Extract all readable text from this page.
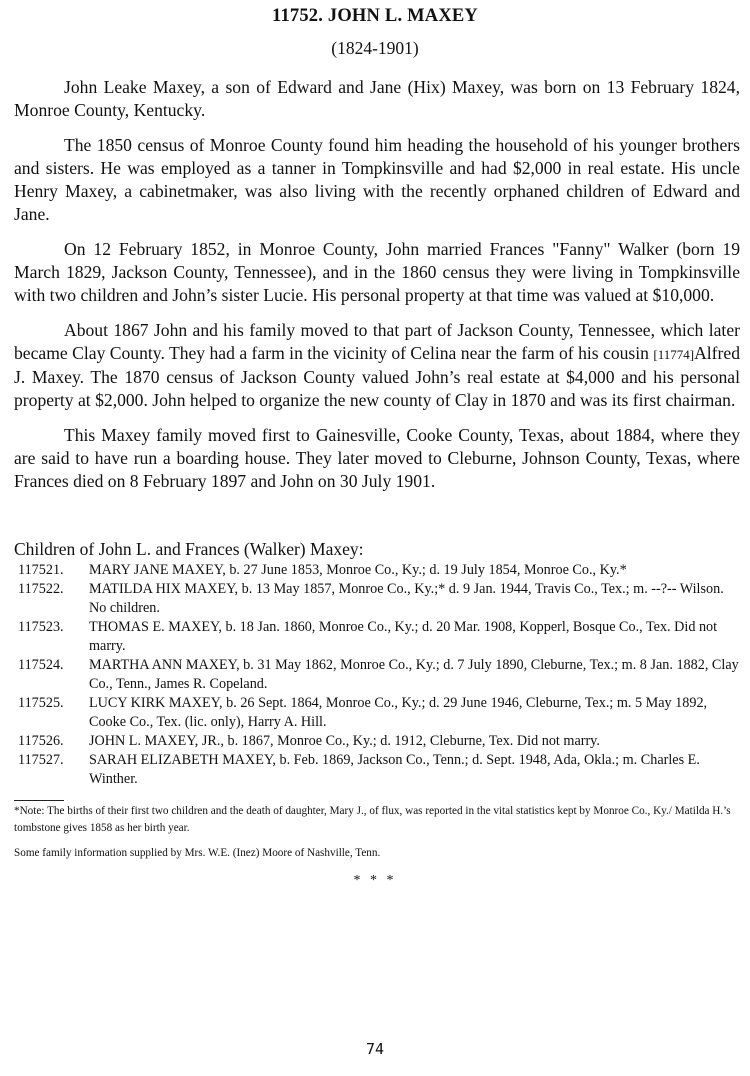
11752. JOHN L. MAXEY
(1824-1901)

John Leake Maxey, a son of Edward and Jane (Hix) Maxey, was born on 13 February 1824, Monroe County, Kentucky.

The 1850 census of Monroe County found him heading the household of his younger brothers and sisters. He was employed as a tanner in Tompkinsville and had $2,000 in real estate. His uncle Henry Maxey, a cabinetmaker, was also living with the recently orphaned children of Edward and Jane.

On 12 February 1852, in Monroe County, John married Frances "Fanny" Walker (born 19 March 1829, Jackson County, Tennessee), and in the 1860 census they were living in Tompkinsville with two children and John’s sister Lucie. His personal property at that time was valued at $10,000.

About 1867 John and his family moved to that part of Jackson County, Tennessee, which later became Clay County. They had a farm in the vicinity of Celina near the farm of his cousin [11774]Alfred J. Maxey. The 1870 census of Jackson County valued John’s real estate at $4,000 and his personal property at $2,000. John helped to organize the new county of Clay in 1870 and was its first chairman.

This Maxey family moved first to Gainesville, Cooke County, Texas, about 1884, where they are said to have run a boarding house. They later moved to Cleburne, Johnson County, Texas, where Frances died on 8 February 1897 and John on 30 July 1901.

Children of John L. and Frances (Walker) Maxey:
117521. MARY JANE MAXEY, b. 27 June 1853, Monroe Co., Ky.; d. 19 July 1854, Monroe Co., Ky.*
117522. MATILDA HIX MAXEY, b. 13 May 1857, Monroe Co., Ky.;* d. 9 Jan. 1944, Travis Co., Tex.; m. --?-- Wilson. No children.
117523. THOMAS E. MAXEY, b. 18 Jan. 1860, Monroe Co., Ky.; d. 20 Mar. 1908, Kopperl, Bosque Co., Tex. Did not marry.
117524. MARTHA ANN MAXEY, b. 31 May 1862, Monroe Co., Ky.; d. 7 July 1890, Cleburne, Tex.; m. 8 Jan. 1882, Clay Co., Tenn., James R. Copeland.
117525. LUCY KIRK MAXEY, b. 26 Sept. 1864, Monroe Co., Ky.; d. 29 June 1946, Cleburne, Tex.; m. 5 May 1892, Cooke Co., Tex. (lic. only), Harry A. Hill.
117526. JOHN L. MAXEY, JR., b. 1867, Monroe Co., Ky.; d. 1912, Cleburne, Tex. Did not marry.
117527. SARAH ELIZABETH MAXEY, b. Feb. 1869, Jackson Co., Tenn.; d. Sept. 1948, Ada, Okla.; m. Charles E. Winther.

*Note: The births of their first two children and the death of daughter, Mary J., of flux, was reported in the vital statistics kept by Monroe Co., Ky./ Matilda H.’s tombstone gives 1858 as her birth year.

Some family information supplied by Mrs. W.E. (Inez) Moore of Nashville, Tenn.

* * *
74
